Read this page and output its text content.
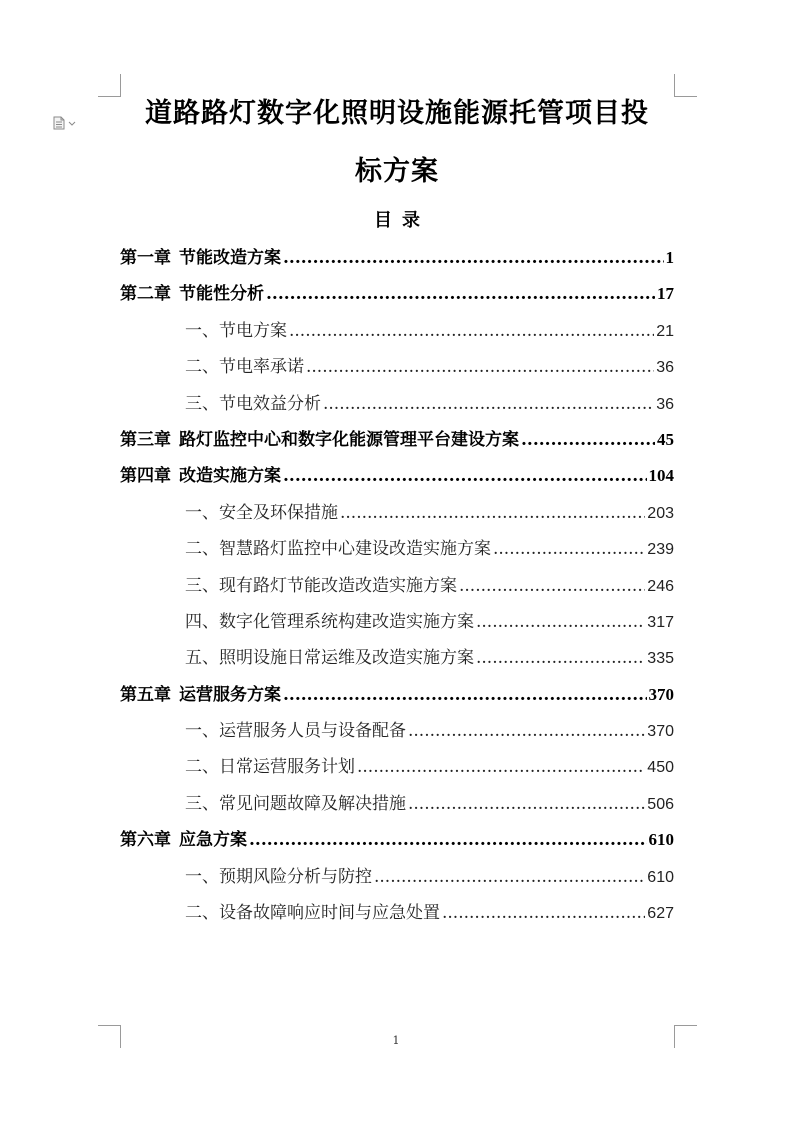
道路路灯数字化照明设施能源托管项目投
标方案
目录
第一章 节能改造方案 .....	1
第二章 节能性分析 .....	17
一、节电方案 .....	21
二、节电率承诺 .....	36
三、节电效益分析 .....	36
第三章 路灯监控中心和数字化能源管理平台建设方案 .....	45
第四章 改造实施方案 .....	104
一、安全及环保措施 .....	203
二、智慧路灯监控中心建设改造实施方案 .....	239
三、现有路灯节能改造改造实施方案 .....	246
四、数字化管理系统构建改造实施方案 .....	317
五、照明设施日常运维及改造实施方案 .....	335
第五章 运营服务方案 .....	370
一、运营服务人员与设备配备 .....	370
二、日常运营服务计划 .....	450
三、常见问题故障及解决措施 .....	506
第六章 应急方案 .....	610
一、预期风险分析与防控 .....	610
二、设备故障响应时间与应急处置 .....	627
1
